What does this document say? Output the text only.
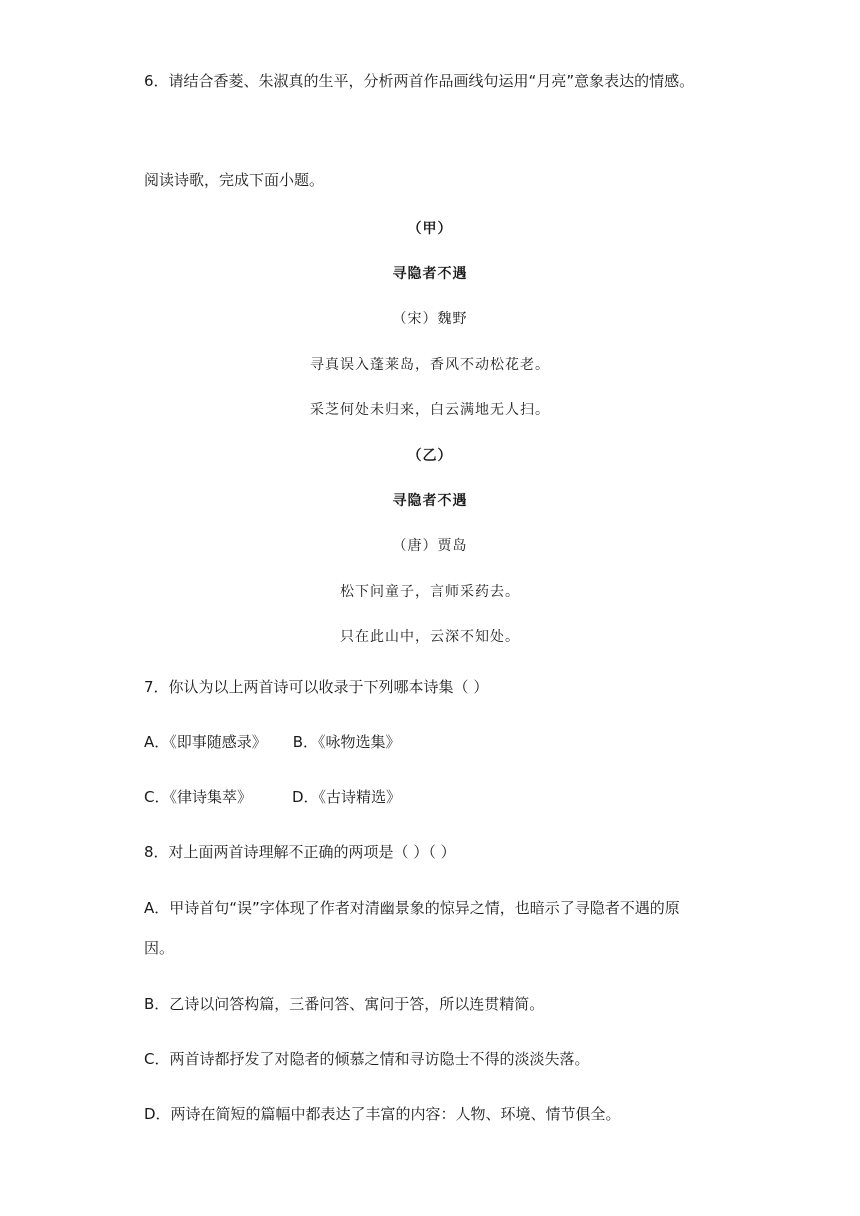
6．请结合香菱、朱淑真的生平，分析两首作品画线句运用“月亮”意象表达的情感。
阅读诗歌，完成下面小题。
（甲）
寻隐者不遇
（宋）魏野
寻真误入蓬莱岛，香风不动松花老。
采芝何处未归来，白云满地无人扫。
（乙）
寻隐者不遇
（唐）贾岛
松下问童子，言师采药去。
只在此山中，云深不知处。
7．你认为以上两首诗可以收录于下列哪本诗集（ ）
A．《即事随感录》 B．《咏物选集》
C．《律诗集萃》	D．《古诗精选》
8．对上面两首诗理解不正确的两项是（ ）（ ）
A．甲诗首句“误”字体现了作者对清幽景象的惊异之情，也暗示了寻隐者不遇的原
因。
B．乙诗以问答构篇，三番问答、寓问于答，所以连贯精简。
C．两首诗都抒发了对隐者的倾慕之情和寻访隐士不得的淡淡失落。
D．两诗在简短的篇幅中都表达了丰富的内容：人物、环境、情节俱全。
